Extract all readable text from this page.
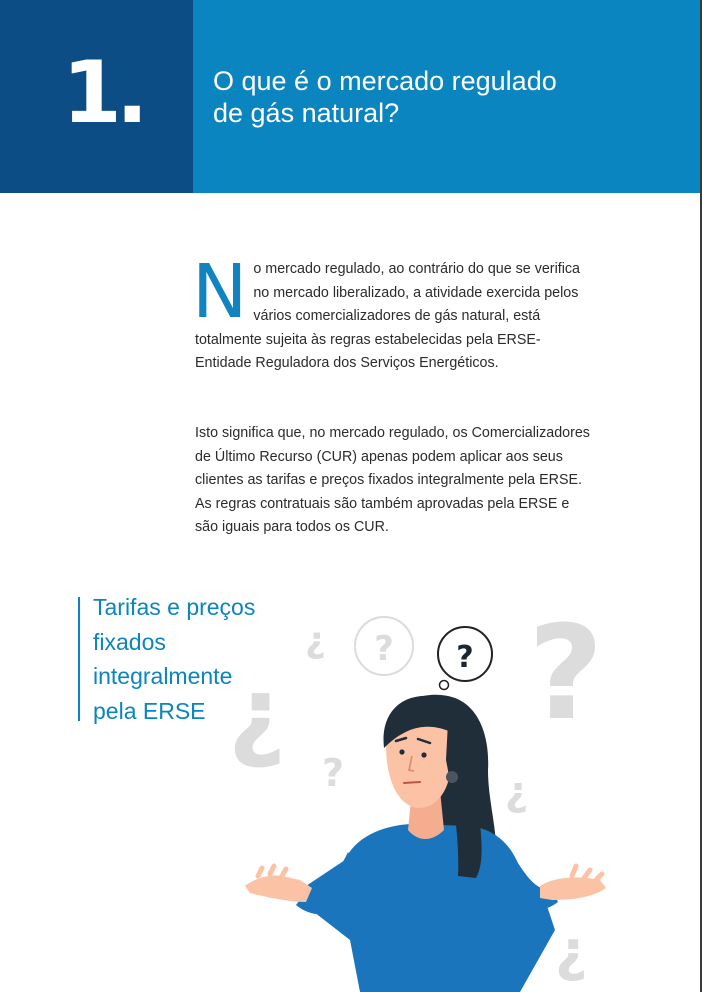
1.	O que é o mercado regulado
de gás natural?

N o mercado regulado, ao contrário do que se verifica no mercado liberalizado, a atividade exercida pelos vários comercializadores de gás natural, está totalmente sujeita às regras estabelecidas pela ERSE- Entidade Reguladora dos Serviços Energéticos.

Isto significa que, no mercado regulado, os Comercializadores de Último Recurso (CUR) apenas podem aplicar aos seus clientes as tarifas e preços fixados integralmente pela ERSE. As regras contratuais são também aprovadas pela ERSE e são iguais para todos os CUR.

Tarifas e preços
fixados
integralmente
pela ERSE	?
¿
¿
?	¿
¿
? ?
